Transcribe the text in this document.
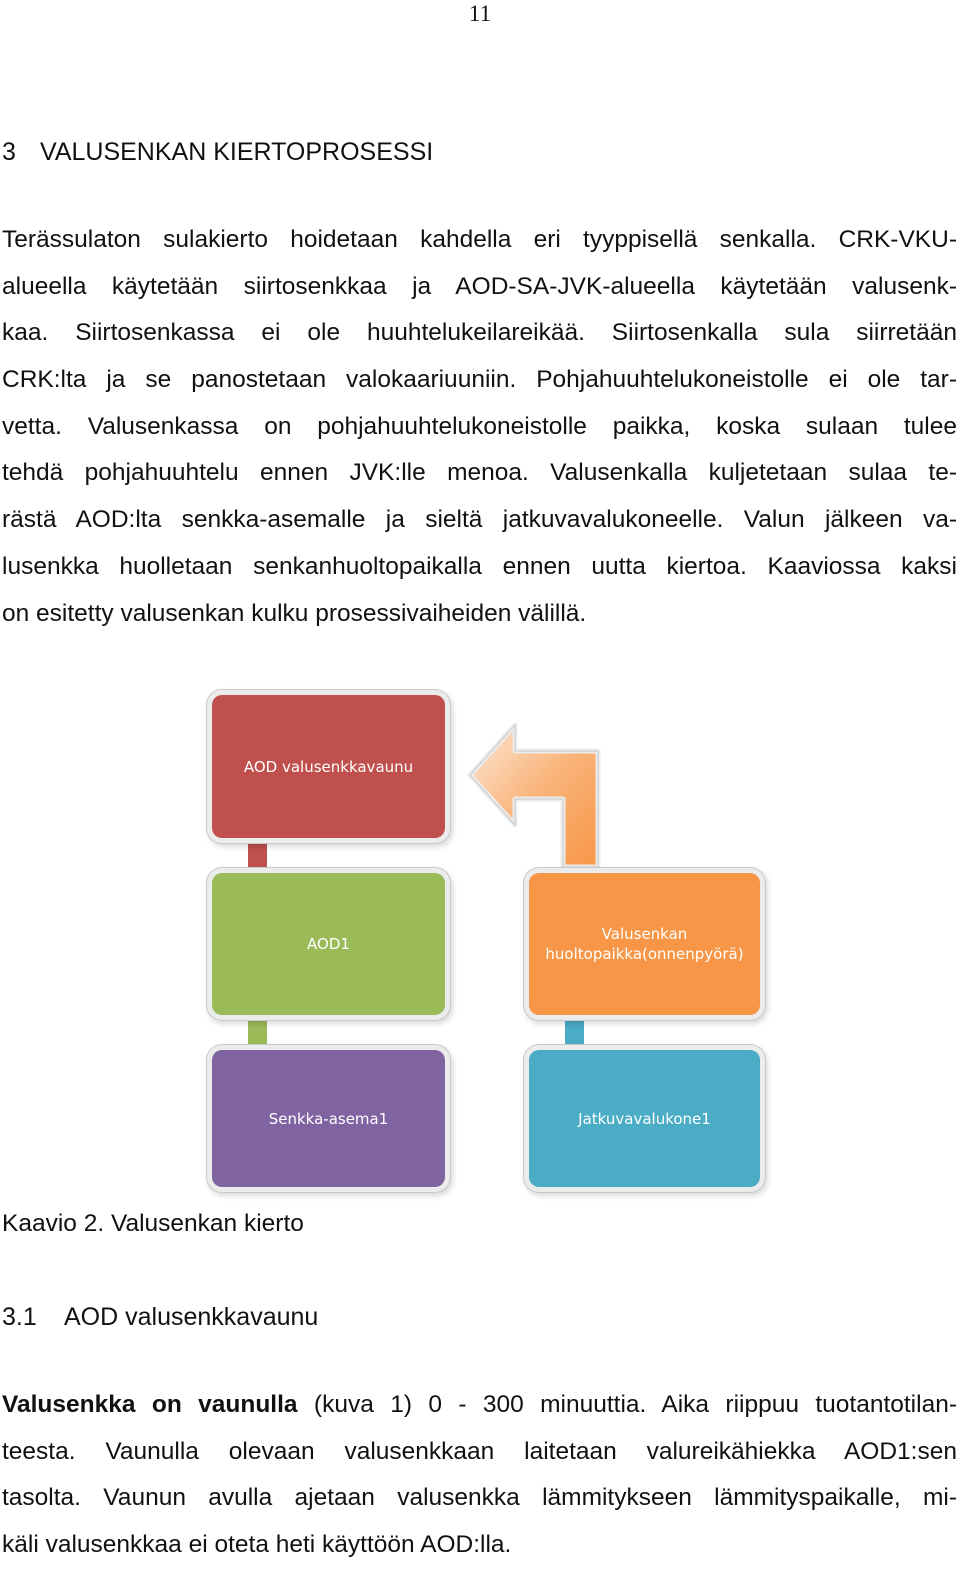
11
3 VALUSENKAN KIERTOPROSESSI
Terässulaton sulakierto hoidetaan kahdella eri tyyppisellä senkalla. CRK-VKU-
alueella käytetään siirtosenkkaa ja AOD-SA-JVK-alueella käytetään valusenk-
kaa. Siirtosenkassa ei ole huuhtelukeilareikää. Siirtosenkalla sula siirretään
CRK:lta ja se panostetaan valokaariuuniin. Pohjahuuhtelukoneistolle ei ole tar-
vetta. Valusenkassa on pohjahuuhtelukoneistolle paikka, koska sulaan tulee
tehdä pohjahuuhtelu ennen JVK:lle menoa. Valusenkalla kuljetetaan sulaa te-
rästä AOD:lta senkka-asemalle ja sieltä jatkuvavalukoneelle. Valun jälkeen va-
lusenkka huolletaan senkanhuoltopaikalla ennen uutta kiertoa. Kaaviossa kaksi
on esitetty valusenkan kulku prosessivaiheiden välillä.
AOD valusenkkavaunu
AOD1
Senkka-asema1
Valusenkan
huoltopaikka(onnenpyörä)
Jatkuvavalukone1
Kaavio 2. Valusenkan kierto
3.1 AOD valusenkkavaunu
Valusenkka on vaunulla (kuva 1) 0 - 300 minuuttia. Aika riippuu tuotantotilan-
teesta. Vaunulla olevaan valusenkkaan laitetaan valureikähiekka AOD1:sen
tasolta. Vaunun avulla ajetaan valusenkka lämmitykseen lämmityspaikalle, mi-
käli valusenkkaa ei oteta heti käyttöön AOD:lla.
